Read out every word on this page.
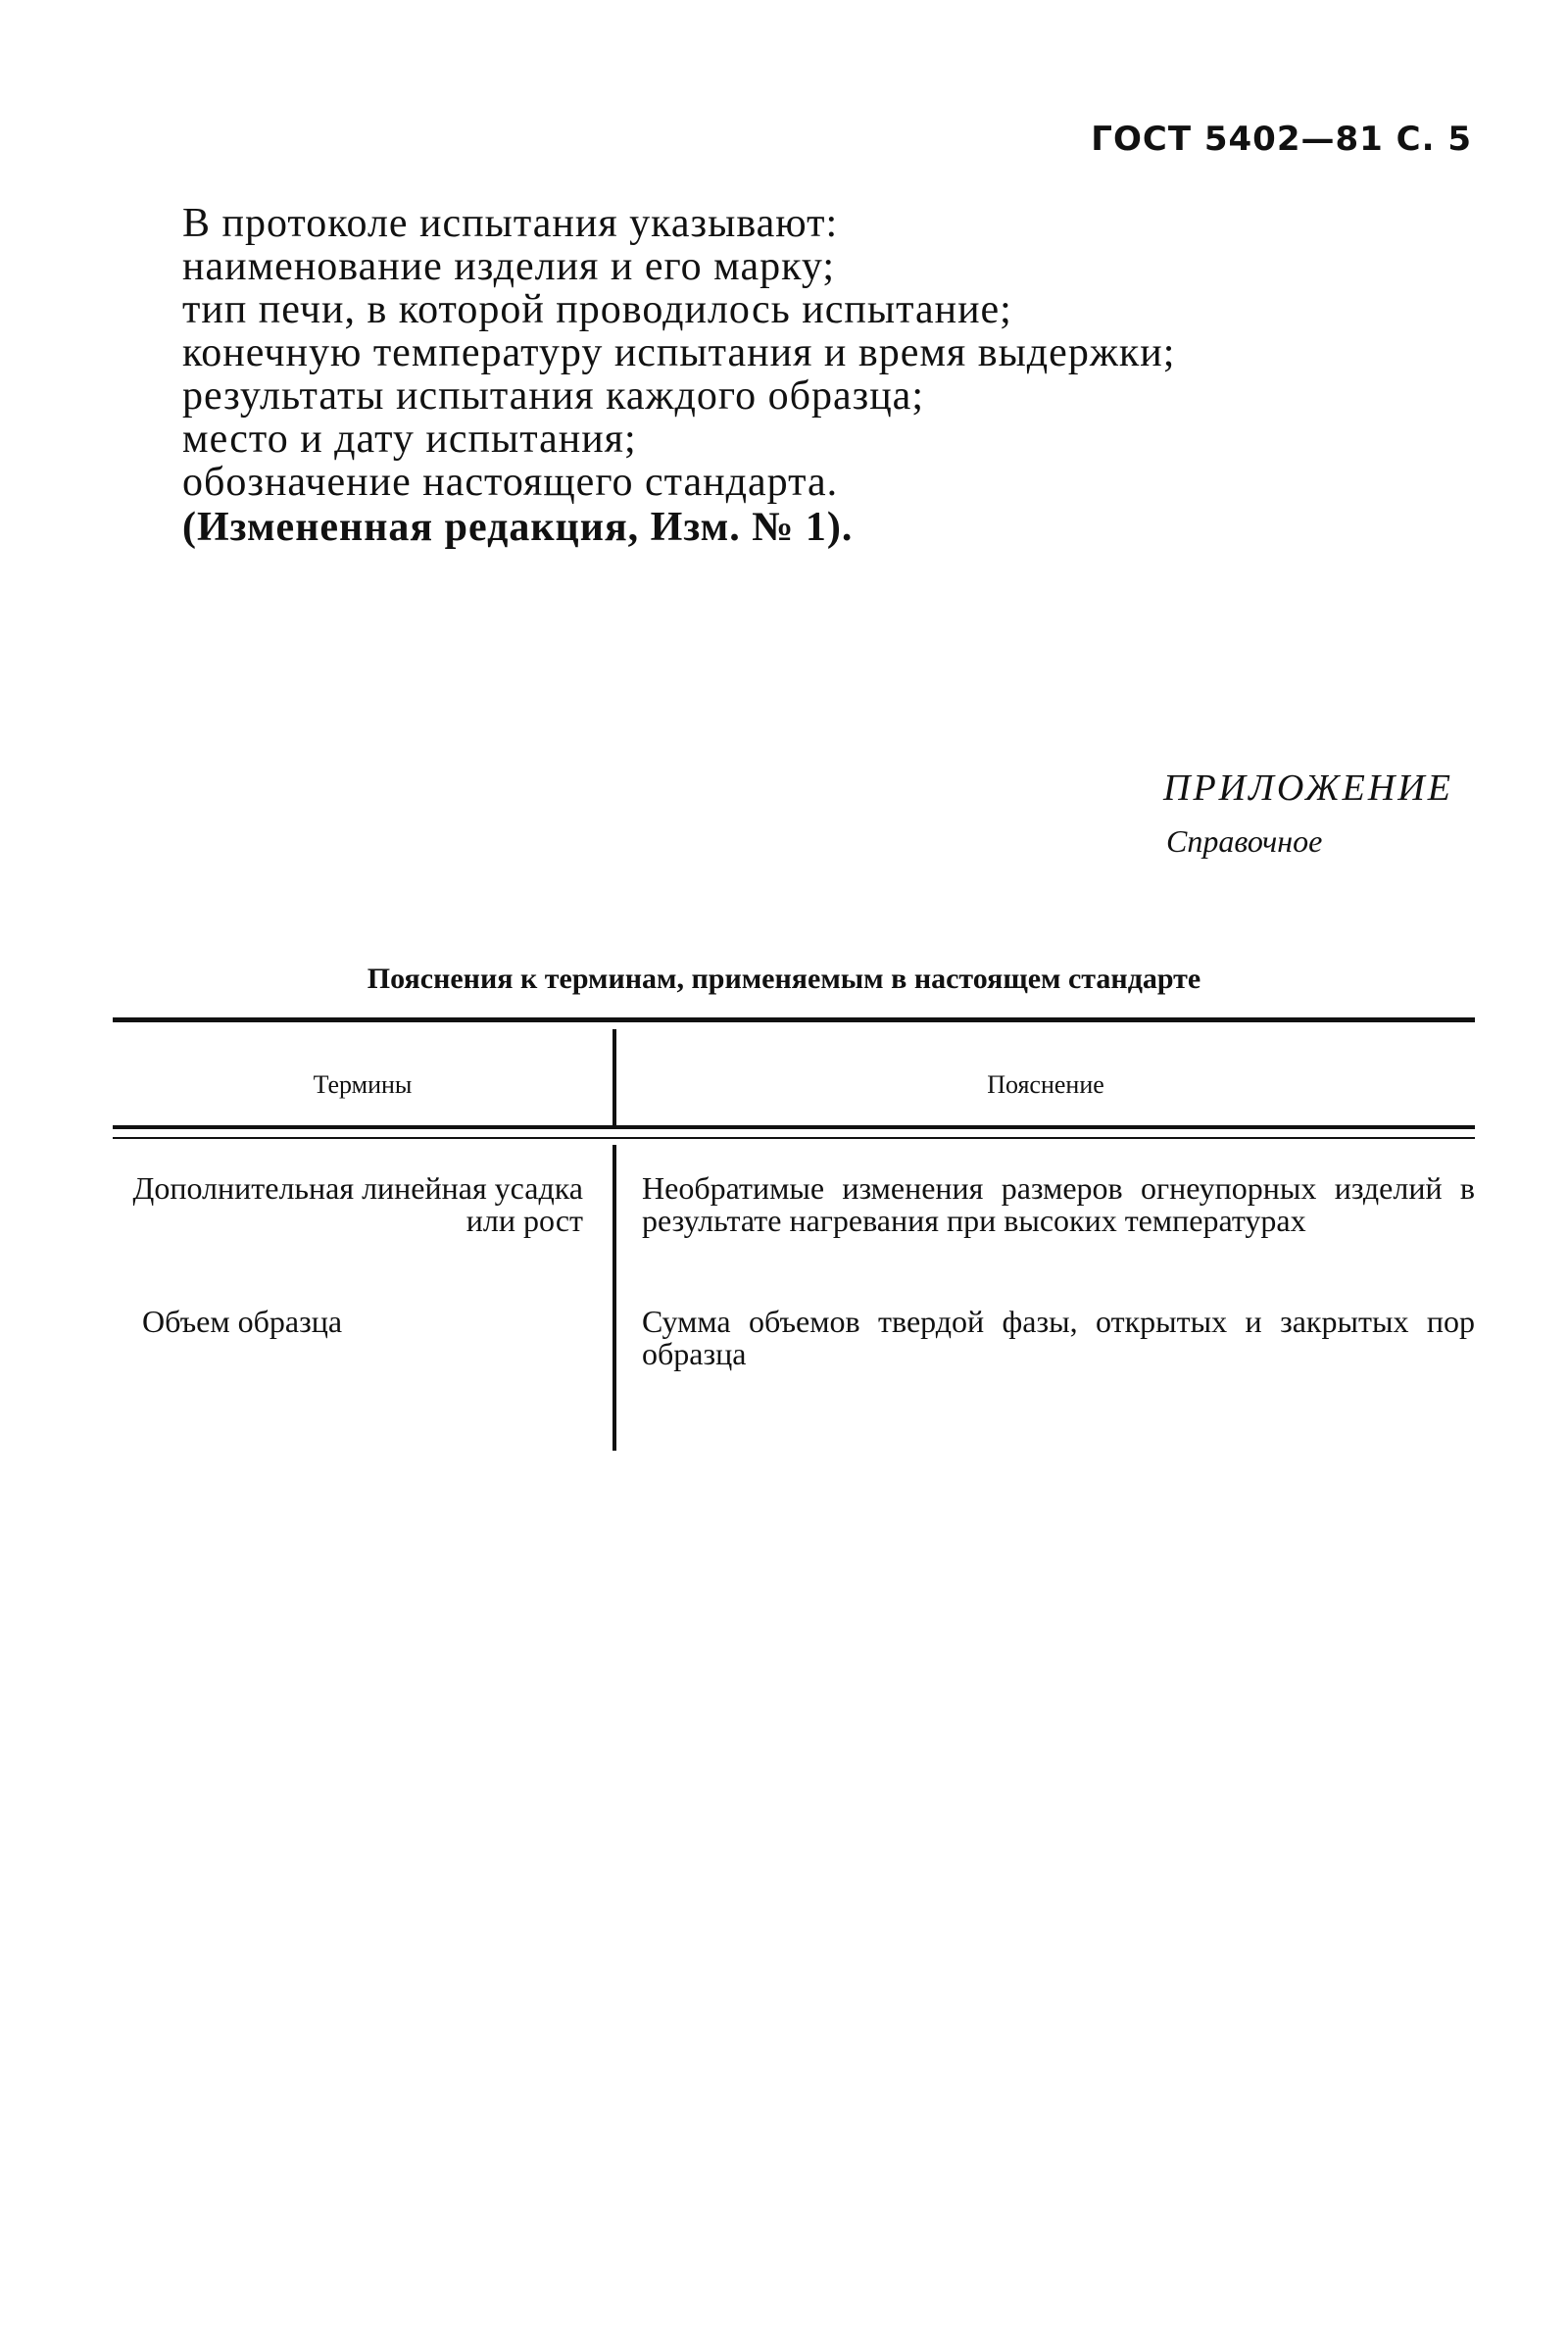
ГОСТ 5402—81 С. 5
В протоколе испытания указывают:
наименование изделия и его марку;
тип печи, в которой проводилось испытание;
конечную температуру испытания и время выдержки;
результаты испытания каждого образца;
место и дату испытания;
обозначение настоящего стандарта.
(Измененная редакция, Изм. № 1).
ПРИЛОЖЕНИЕ
Справочное
Пояснения к терминам, применяемым в настоящем стандарте
Термины	Пояснение
Дополнительная линейная усадка или рост
Необратимые изменения размеров огнеупорных изделий в результате нагревания при высоких температурах
Объем образца	Сумма объемов твердой фазы, открытых и закрытых пор образца
